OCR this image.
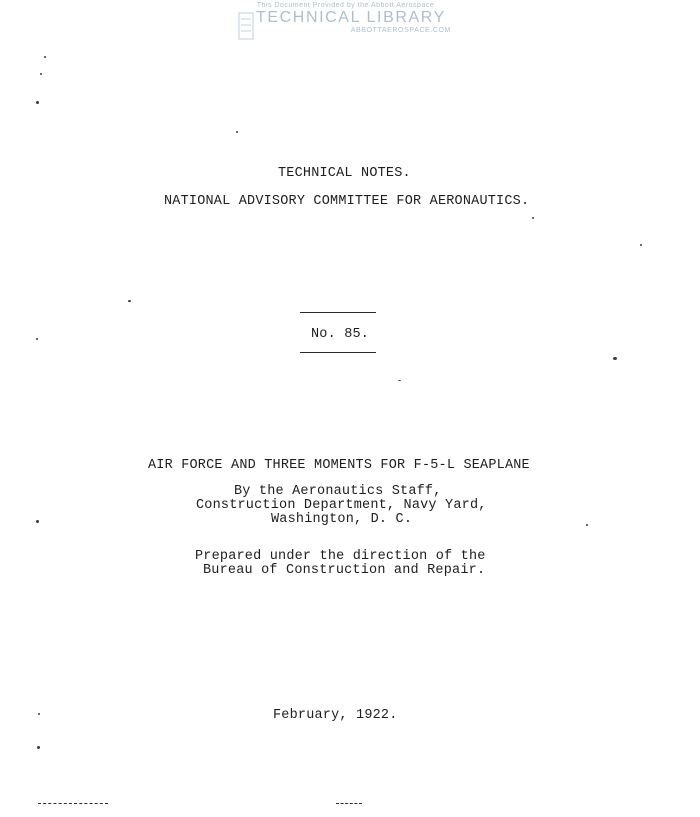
This Document Provided by the Abbott Aerospace
TECHNICAL LIBRARY
ABBOTTAEROSPACE.COM
TECHNICAL NOTES.
NATIONAL ADVISORY COMMITTEE FOR AERONAUTICS.
No. 85.
AIR FORCE AND THREE MOMENTS FOR F-5-L SEAPLANE
By the Aeronautics Staff,
Construction Department, Navy Yard,
Washington, D. C.
Prepared under the direction of the
Bureau of Construction and Repair.
February, 1922.
